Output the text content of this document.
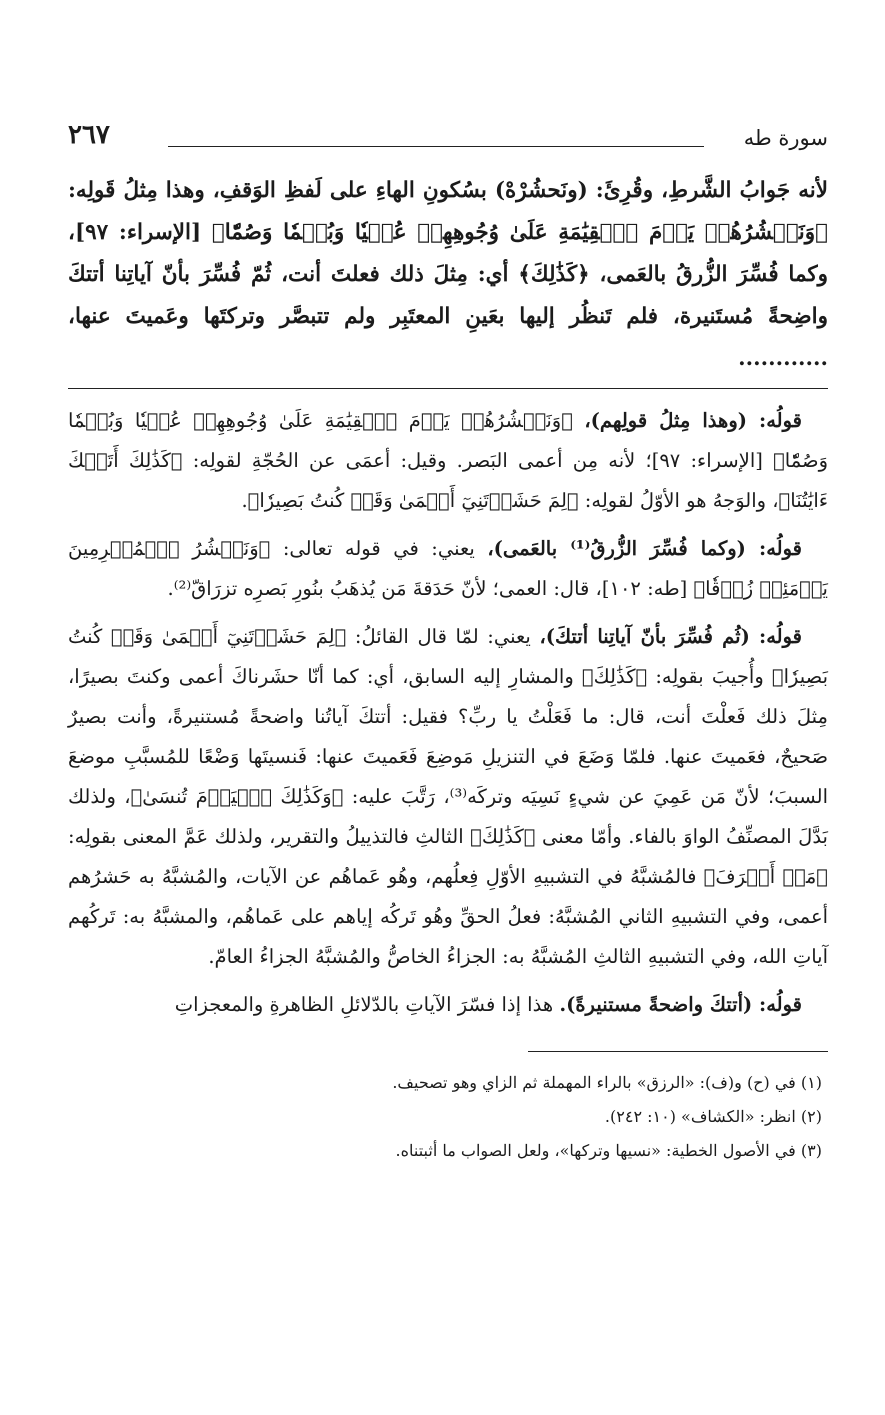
سورة طه
٢٦٧

لأنه جَوابُ الشَّرطِ، وقُرِئَ: (ونَحشُرْهْ) بسُكونِ الهاءِ على لَفظِ الوَقفِ، وهذا مِثلُ قَولِه: ﴿وَنَحۡشُرُهُمۡ يَوۡمَ ٱلۡقِيَٰمَةِ عَلَىٰ وُجُوهِهِمۡ عُمۡيٗا وَبُكۡمٗا وَصُمّٗا﴾ [الإسراء: ٩٧]، وكما فُسِّرَ الزُّرقُ بالعَمى، ﴿كَذَٰلِكَ﴾ أي: مِثلَ ذلك فعلتَ أنت، ثُمّ فُسِّرَ بأنّ آياتِنا أتتكَ واضِحةً مُستَنيرة، فلم تَنظُر إليها بعَينِ المعتَبِر ولم تتبصَّر وتركتَها وعَميتَ عنها، ............

قولُه: (وهذا مِثلُ قولِهم)، ﴿وَنَحۡشُرُهُمۡ يَوۡمَ ٱلۡقِيَٰمَةِ عَلَىٰ وُجُوهِهِمۡ عُمۡيٗا وَبُكۡمٗا وَصُمّٗا﴾ [الإسراء: ٩٧]؛ لأنه مِن أعمى البَصر. وقيل: أعمَى عن الحُجّةِ لقولِه: ﴿كَذَٰلِكَ أَتَتۡكَ ءَايَٰتُنَا﴾، والوَجهُ هو الأوّلُ لقولِه: ﴿لِمَ حَشَرۡتَنِيٓ أَعۡمَىٰ وَقَدۡ كُنتُ بَصِيرٗا﴾.

قولُه: (وكما فُسِّرَ الزُّرقُ⁽¹⁾ بالعَمى)، يعني: في قوله تعالى: ﴿وَنَحۡشُرُ ٱلۡمُجۡرِمِينَ يَوۡمَئِذٖ زُرۡقٗا﴾ [طه: ١٠٢]، قال: العمى؛ لأنّ حَدَقةَ مَن يُذهَبُ بنُورِ بَصرِه تزرَاقّ⁽²⁾.

قولُه: (ثُم فُسِّرَ بأنّ آياتِنا أتتكَ)، يعني: لمّا قال القائلُ: ﴿لِمَ حَشَرۡتَنِيٓ أَعۡمَىٰ وَقَدۡ كُنتُ بَصِيرٗا﴾ وأُجيبَ بقولِه: ﴿كَذَٰلِكَ﴾ والمشارِ إليه السابق، أي: كما أنّا حشَرناكَ أعمى وكنتَ بصيرًا، مِثلَ ذلك فَعلْتَ أنت، قال: ما فَعَلْتُ يا ربِّ؟ فقيل: أتتكَ آياتُنا واضحةً مُستنيرةً، وأنت بصيرٌ صَحيحٌ، فعَميتَ عنها. فلمّا وَضَعَ في التنزيلِ مَوضِعَ فَعَميتَ عنها: فَنسيتَها وَضْعًا للمُسبَّبِ موضعَ السببَ؛ لأنّ مَن عَمِيَ عن شيءٍ نَسِيَه وتركَه⁽³⁾، رَتَّبَ عليه: ﴿وَكَذَٰلِكَ ٱلۡيَوۡمَ تُنسَىٰ﴾، ولذلك بَدَّلَ المصنِّفُ الواوَ بالفاء. وأمّا معنى ﴿كَذَٰلِكَ﴾ الثالثِ فالتذييلُ والتقرير، ولذلك عَمَّ المعنى بقولِه: ﴿مَنۡ أَسۡرَفَ﴾ فالمُشبَّهُ في التشبيهِ الأوّلِ فِعلُهم، وهُو عَماهُم عن الآيات، والمُشبَّهُ به حَشرُهم أعمى، وفي التشبيهِ الثاني المُشبَّهُ: فعلُ الحقِّ وهُو تَركُه إياهم على عَماهُم، والمشبَّهُ به: تَركُهم آياتِ الله، وفي التشبيهِ الثالثِ المُشبَّهُ به: الجزاءُ الخاصُّ والمُشبَّهُ الجزاءُ العامّ.

قولُه: (أتتكَ واضحةً مستنيرةً). هذا إذا فسّرَ الآياتِ بالدّلائلِ الظاهرةِ والمعجزاتِ

(١) في (ح) و(ف): «الرزق» بالراء المهملة ثم الزاي وهو تصحيف.

(٢) انظر: «الكشاف» (١٠: ٢٤٢).

(٣) في الأصول الخطية: «نسيها وتركها»، ولعل الصواب ما أثبتناه.
